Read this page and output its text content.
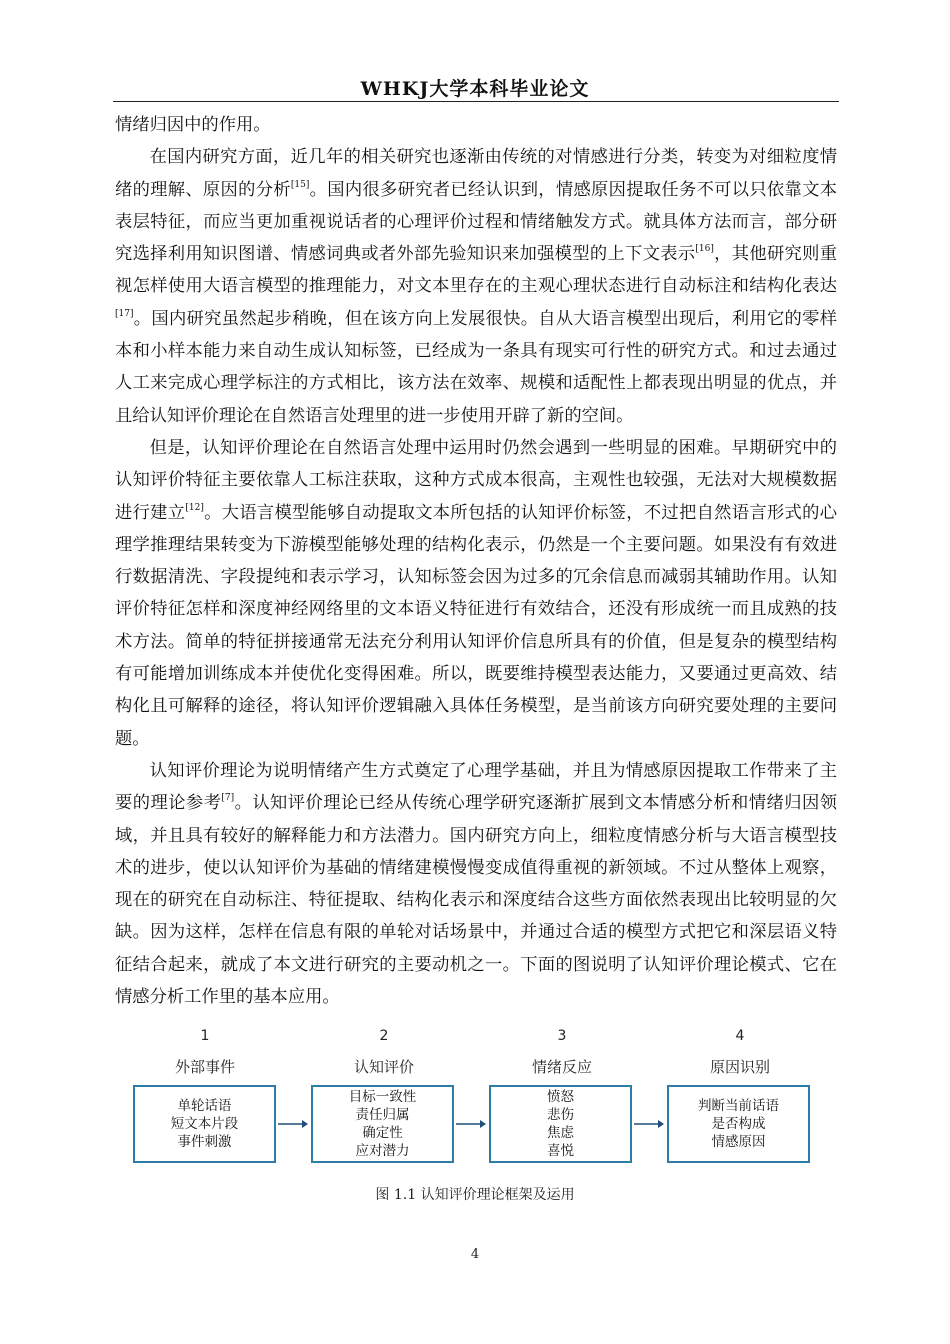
WHKJ大学本科毕业论文

情绪归因中的作用。

在国内研究方面，近几年的相关研究也逐渐由传统的对情感进行分类，转变为对细粒度情绪的理解、原因的分析[15]。国内很多研究者已经认识到，情感原因提取任务不可以只依靠文本表层特征，而应当更加重视说话者的心理评价过程和情绪触发方式。就具体方法而言，部分研究选择利用知识图谱、情感词典或者外部先验知识来加强模型的上下文表示[16]，其他研究则重视怎样使用大语言模型的推理能力，对文本里存在的主观心理状态进行自动标注和结构化表达[17]。国内研究虽然起步稍晚，但在该方向上发展很快。自从大语言模型出现后，利用它的零样本和小样本能力来自动生成认知标签，已经成为一条具有现实可行性的研究方式。和过去通过人工来完成心理学标注的方式相比，该方法在效率、规模和适配性上都表现出明显的优点，并且给认知评价理论在自然语言处理里的进一步使用开辟了新的空间。

但是，认知评价理论在自然语言处理中运用时仍然会遇到一些明显的困难。早期研究中的认知评价特征主要依靠人工标注获取，这种方式成本很高，主观性也较强，无法对大规模数据进行建立[12]。大语言模型能够自动提取文本所包括的认知评价标签，不过把自然语言形式的心理学推理结果转变为下游模型能够处理的结构化表示，仍然是一个主要问题。如果没有有效进行数据清洗、字段提纯和表示学习，认知标签会因为过多的冗余信息而减弱其辅助作用。认知评价特征怎样和深度神经网络里的文本语义特征进行有效结合，还没有形成统一而且成熟的技术方法。简单的特征拼接通常无法充分利用认知评价信息所具有的价值，但是复杂的模型结构有可能增加训练成本并使优化变得困难。所以，既要维持模型表达能力，又要通过更高效、结构化且可解释的途径，将认知评价逻辑融入具体任务模型，是当前该方向研究要处理的主要问题。

认知评价理论为说明情绪产生方式奠定了心理学基础，并且为情感原因提取工作带来了主要的理论参考[7]。认知评价理论已经从传统心理学研究逐渐扩展到文本情感分析和情绪归因领域，并且具有较好的解释能力和方法潜力。国内研究方向上，细粒度情感分析与大语言模型技术的进步，使以认知评价为基础的情绪建模慢慢变成值得重视的新领域。不过从整体上观察，现在的研究在自动标注、特征提取、结构化表示和深度结合这些方面依然表现出比较明显的欠缺。因为这样，怎样在信息有限的单轮对话场景中，并通过合适的模型方式把它和深层语义特征结合起来，就成了本文进行研究的主要动机之一。下面的图说明了认知评价理论模式、它在情感分析工作里的基本应用。

1
外部事件
单轮话语
短文本片段
事件刺激
2
认知评价
目标一致性
责任归属
确定性
应对潜力
3
情绪反应
愤怒
悲伤
焦虑
喜悦
4
原因识别
判断当前话语
是否构成
情感原因
图 1.1 认知评价理论框架及运用
4
